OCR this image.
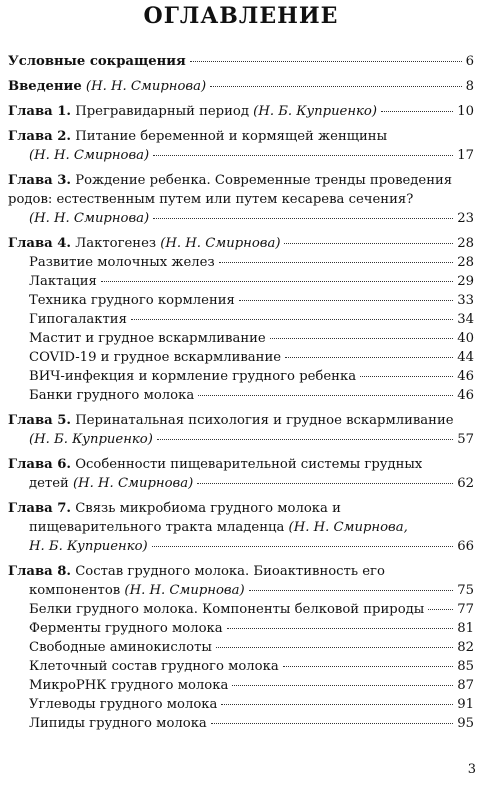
ОГЛАВЛЕНИЕ
Условные сокращения	6
Введение (Н. Н. Смирнова)	8
Глава 1. Прегравидарный период (Н. Б. Куприенко)	10
Глава 2. Питание беременной и кормящей женщины
(Н. Н. Смирнова)	17
Глава 3. Рождение ребенка. Современные тренды проведения
родов: естественным путем или путем кесарева сечения?
(Н. Н. Смирнова)	23
Глава 4. Лактогенез (Н. Н. Смирнова)	28
Развитие молочных желез	28
Лактация	29
Техника грудного кормления	33
Гипогалактия	34
Мастит и грудное вскармливание	40
COVID-19 и грудное вскармливание	44
ВИЧ-инфекция и кормление грудного ребенка	46
Банки грудного молока	46
Глава 5. Перинатальная психология и грудное вскармливание
(Н. Б. Куприенко)	57
Глава 6. Особенности пищеварительной системы грудных
детей (Н. Н. Смирнова)	62
Глава 7. Связь микробиома грудного молока и
пищеварительного тракта младенца (Н. Н. Смирнова,
Н. Б. Куприенко)	66
Глава 8. Состав грудного молока. Биоактивность его
компонентов (Н. Н. Смирнова)	75
Белки грудного молока. Компоненты белковой природы 77
Ферменты грудного молока	81
Свободные аминокислоты	82
Клеточный состав грудного молока	85
МикроРНК грудного молока	87
Углеводы грудного молока	91
Липиды грудного молока	95
3
